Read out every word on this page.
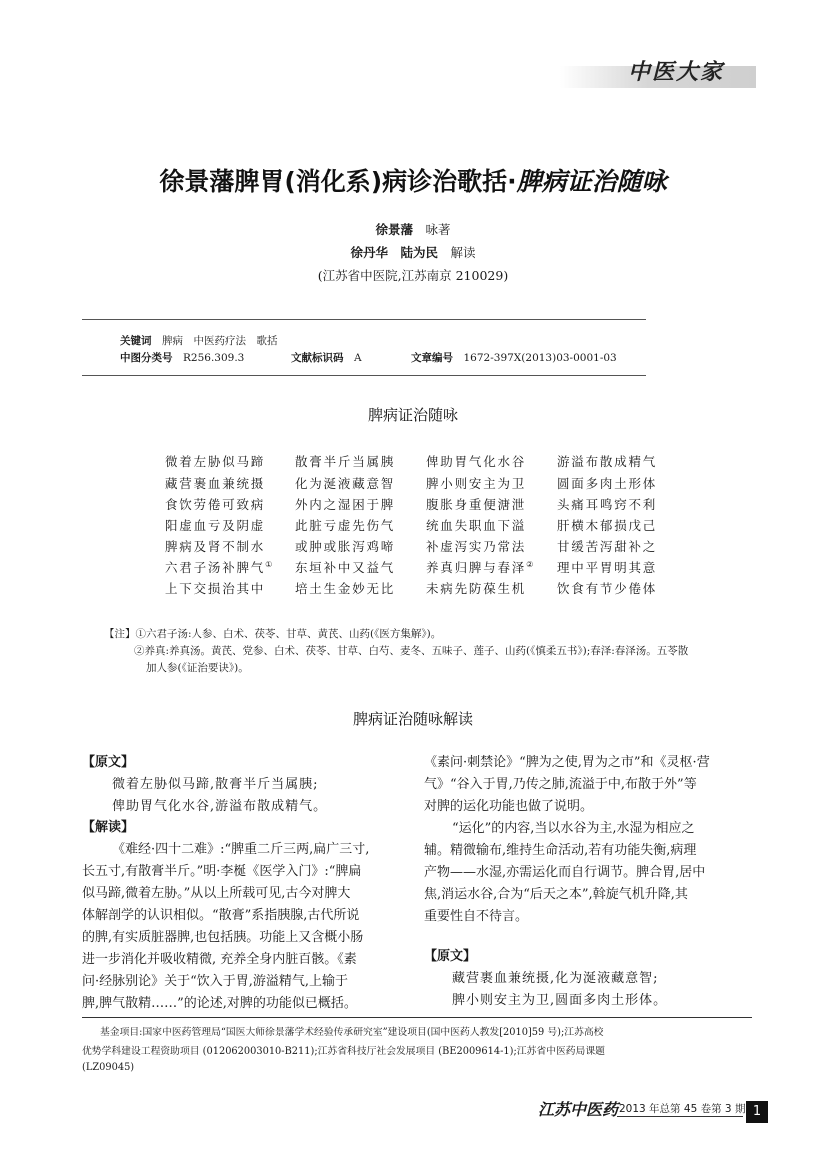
中医大家
徐景藩脾胃(消化系)病诊治歌括·脾病证治随咏
徐景藩　 咏著
徐丹华　陆为民　 解读
(江苏省中医院,江苏南京 210029)
关键词　 脾病　中医药疗法　歌括
中图分类号　 R256.309.3	文献标识码　 A	文章编号　 1672-397X(2013)03-0001-03
脾病证治随咏
微着左胁似马蹄 散膏半斤当属胰 俾助胃气化水谷 游溢布散成精气
藏营裹血兼统摄 化为涎液藏意智 脾小则安主为卫 圆面多肉土形体
食饮劳倦可致病 外内之湿困于脾 腹胀身重便溏泄 头痛耳鸣窍不利
阳虚血亏及阴虚 此脏亏虚先伤气 统血失职血下溢 肝横木郁损戊己
脾病及肾不制水 或肿或胀泻鸡啼 补虚泻实乃常法 甘缓苦泻甜补之
六君子汤补脾气① 东垣补中又益气 养真归脾与春泽② 理中平胃明其意
上下交损治其中 培土生金妙无比 未病先防葆生机 饮食有节少倦体
【注】①六君子汤:人参、白术、茯苓、甘草、黄芪、山药(《医方集解》)。
②养真:养真汤。黄芪、党参、白术、茯苓、甘草、白芍、麦冬、五味子、莲子、山药(《慎柔五书》);春泽:春泽汤。五苓散
加人参(《证治要诀》)。
脾病证治随咏解读
【原文】
微着左胁似马蹄,散膏半斤当属胰;
俾助胃气化水谷,游溢布散成精气。
【解读】
《难经·四十二难》:“脾重二斤三两,扁广三寸,
长五寸,有散膏半斤。”明·李梴《医学入门》:“脾扁
似马蹄,微着左胁。”从以上所载可见,古今对脾大
体解剖学的认识相似。“散膏”系指胰腺,古代所说
的脾,有实质脏器脾,也包括胰。功能上又含概小肠
进一步消化并吸收精微, 充养全身内脏百骸。《素
问·经脉别论》关于“饮入于胃,游溢精气,上输于
脾,脾气散精……”的论述,对脾的功能似已概括。
《素问·刺禁论》“脾为之使,胃为之市”和《灵枢·营
气》“谷入于胃,乃传之肺,流溢于中,布散于外”等
对脾的运化功能也做了说明。
“运化”的内容,当以水谷为主,水湿为相应之
辅。精微输布,维持生命活动,若有功能失衡,病理
产物——水湿,亦需运化而自行调节。脾合胃,居中
焦,消运水谷,合为“后天之本”,斡旋气机升降,其
重要性自不待言。
【原文】
藏营裹血兼统摄,化为涎液藏意智;
脾小则安主为卫,圆面多肉土形体。
基金项目:国家中医药管理局“国医大师徐景藩学术经验传承研究室”建设项目(国中医药人教发[2010]59 号);江苏高校
优势学科建设工程资助项目 (012062003010-B211);江苏省科技厅社会发展项目 (BE2009614-1);江苏省中医药局课题
(LZ09045)
江苏中医药 2013 年总第 45 卷第 3 期 1
